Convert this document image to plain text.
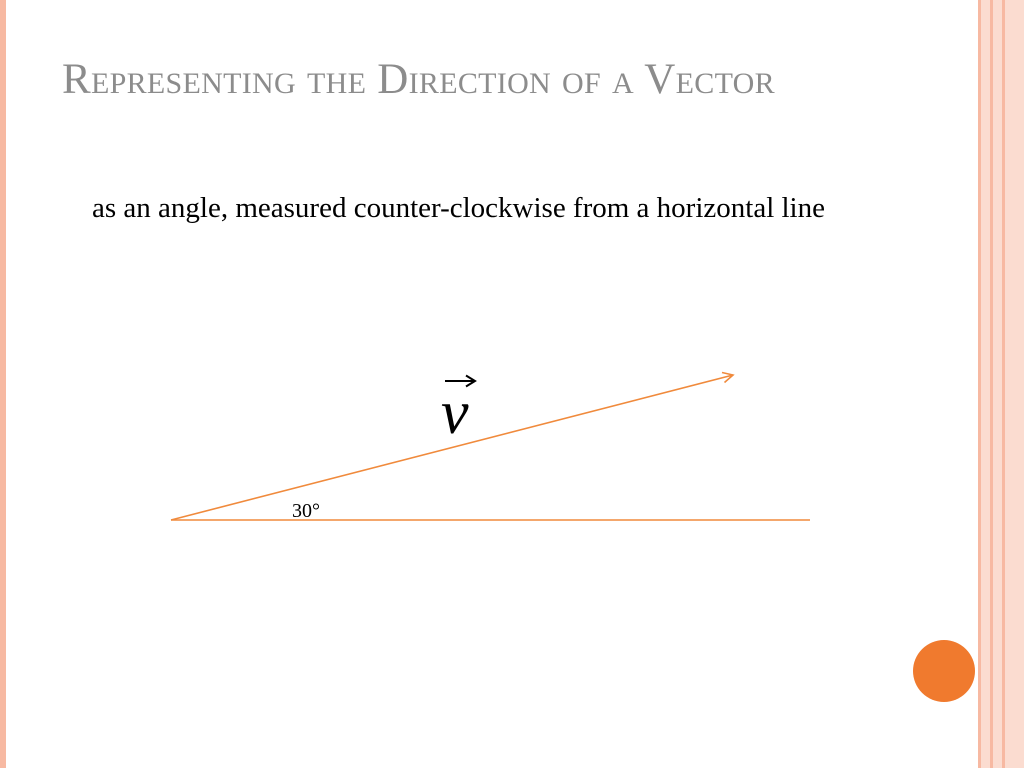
Representing the Direction of a Vector
as an angle, measured counter-clockwise from a horizontal line
v
30°
